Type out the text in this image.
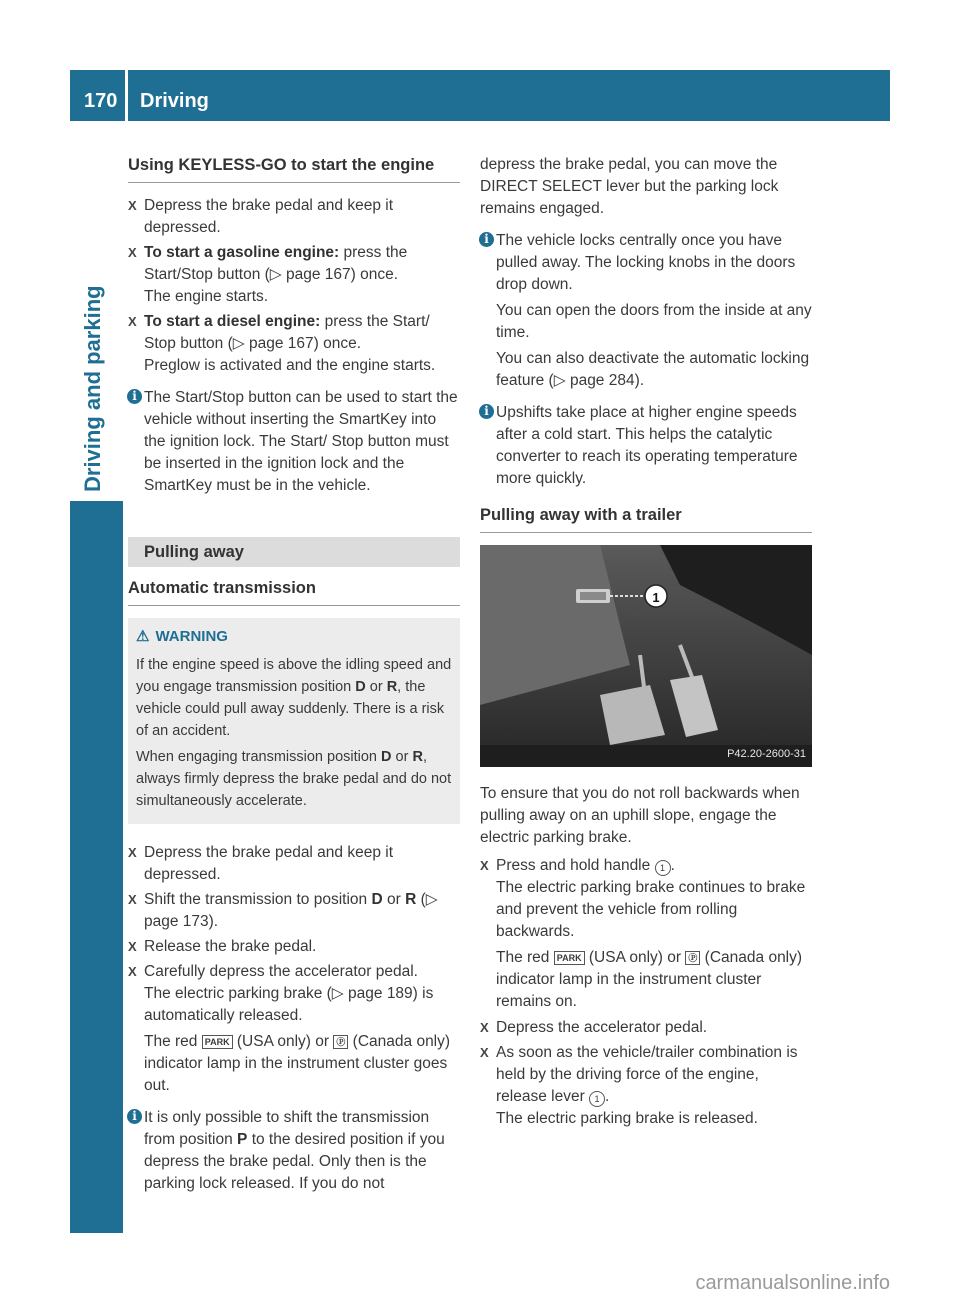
170 Driving
Driving and parking
Using KEYLESS-GO to start the engine
X Depress the brake pedal and keep it depressed.
X To start a gasoline engine: press the Start/Stop button (▷ page 167) once.
The engine starts.
X To start a diesel engine: press the Start/ Stop button (▷ page 167) once.
Preglow is activated and the engine starts.
i The Start/Stop button can be used to start the vehicle without inserting the SmartKey into the ignition lock. The Start/ Stop button must be inserted in the ignition lock and the SmartKey must be in the vehicle.
Pulling away
Automatic transmission
⚠ WARNING

If the engine speed is above the idling speed and you engage transmission position D or R, the vehicle could pull away suddenly. There is a risk of an accident.

When engaging transmission position D or R, always firmly depress the brake pedal and do not simultaneously accelerate.

X Depress the brake pedal and keep it depressed.
X Shift the transmission to position D or R (▷ page 173).
X Release the brake pedal.
X Carefully depress the accelerator pedal.
The electric parking brake (▷ page 189) is automatically released.
The red PARK (USA only) or Ⓟ (Canada only) indicator lamp in the instrument cluster goes out.
i It is only possible to shift the transmission from position P to the desired position if you depress the brake pedal. Only then is the parking lock released. If you do not
depress the brake pedal, you can move the DIRECT SELECT lever but the parking lock remains engaged.
i The vehicle locks centrally once you have pulled away. The locking knobs in the doors drop down.
You can open the doors from the inside at any time.
You can also deactivate the automatic locking feature (▷ page 284).
i Upshifts take place at higher engine speeds after a cold start. This helps the catalytic converter to reach its operating temperature more quickly.
Pulling away with a trailer
1
P42.20-2600-31
To ensure that you do not roll backwards when pulling away on an uphill slope, engage the electric parking brake.
X Press and hold handle 1 .
The electric parking brake continues to brake and prevent the vehicle from rolling backwards.
The red PARK (USA only) or Ⓟ (Canada only) indicator lamp in the instrument cluster remains on.
X Depress the accelerator pedal.
X As soon as the vehicle/trailer combination is held by the driving force of the engine, release lever 1 .
The electric parking brake is released.
carmanualsonline.info
